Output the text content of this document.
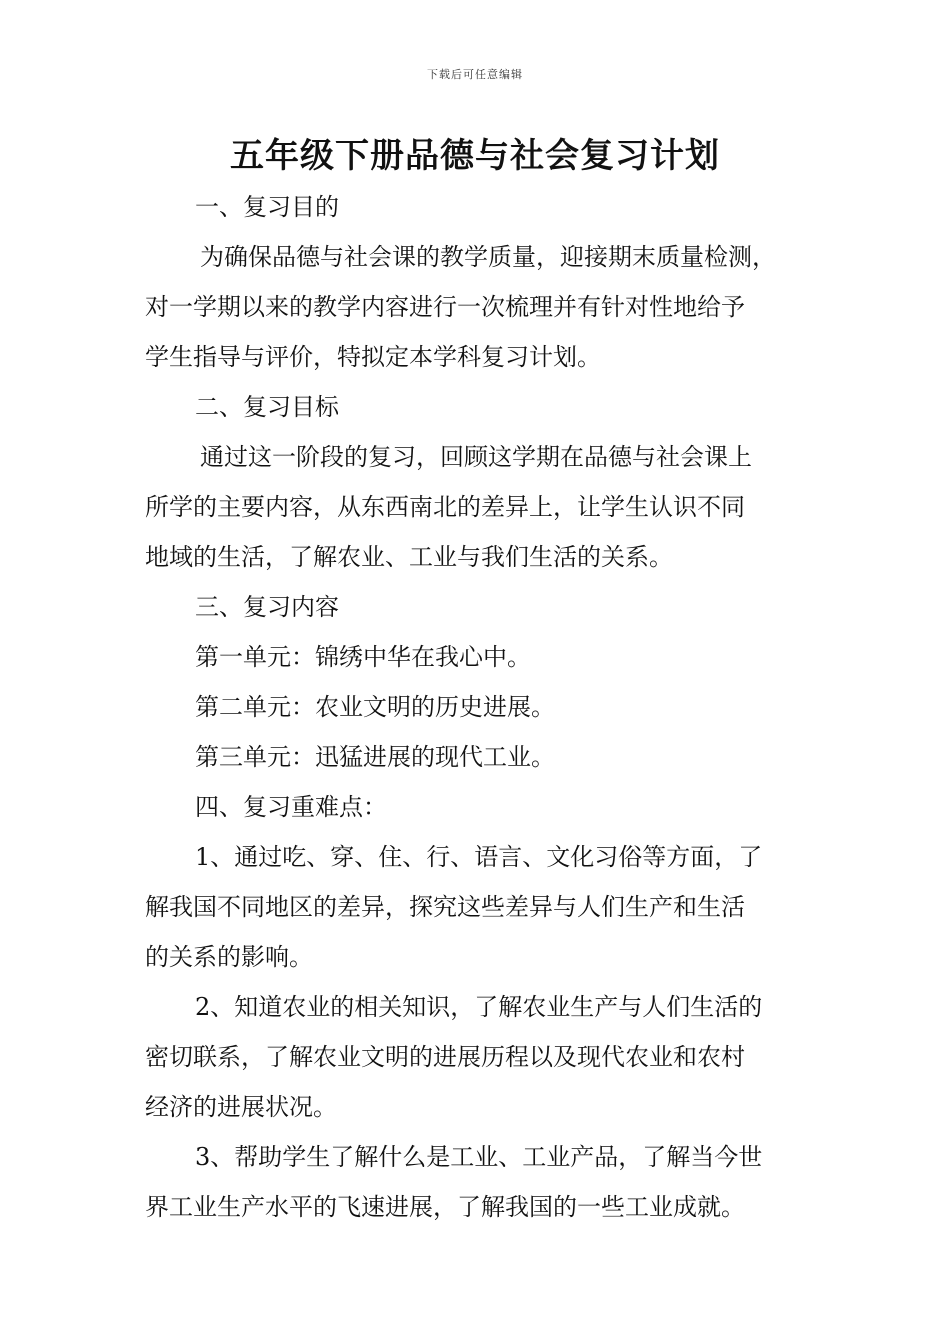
下载后可任意编辑
五年级下册品德与社会复习计划
一、复习目的
为确保品德与社会课的教学质量，迎接期末质量检测，
对一学期以来的教学内容进行一次梳理并有针对性地给予
学生指导与评价，特拟定本学科复习计划。
二、复习目标
通过这一阶段的复习，回顾这学期在品德与社会课上
所学的主要内容，从东西南北的差异上，让学生认识不同
地域的生活，了解农业、工业与我们生活的关系。
三、复习内容
第一单元：锦绣中华在我心中。
第二单元：农业文明的历史进展。
第三单元：迅猛进展的现代工业。
四、复习重难点：
1、通过吃、穿、住、行、语言、文化习俗等方面，了
解我国不同地区的差异，探究这些差异与人们生产和生活
的关系的影响。
2、知道农业的相关知识，了解农业生产与人们生活的
密切联系，了解农业文明的进展历程以及现代农业和农村
经济的进展状况。
3、帮助学生了解什么是工业、工业产品，了解当今世
界工业生产水平的飞速进展，了解我国的一些工业成就。
